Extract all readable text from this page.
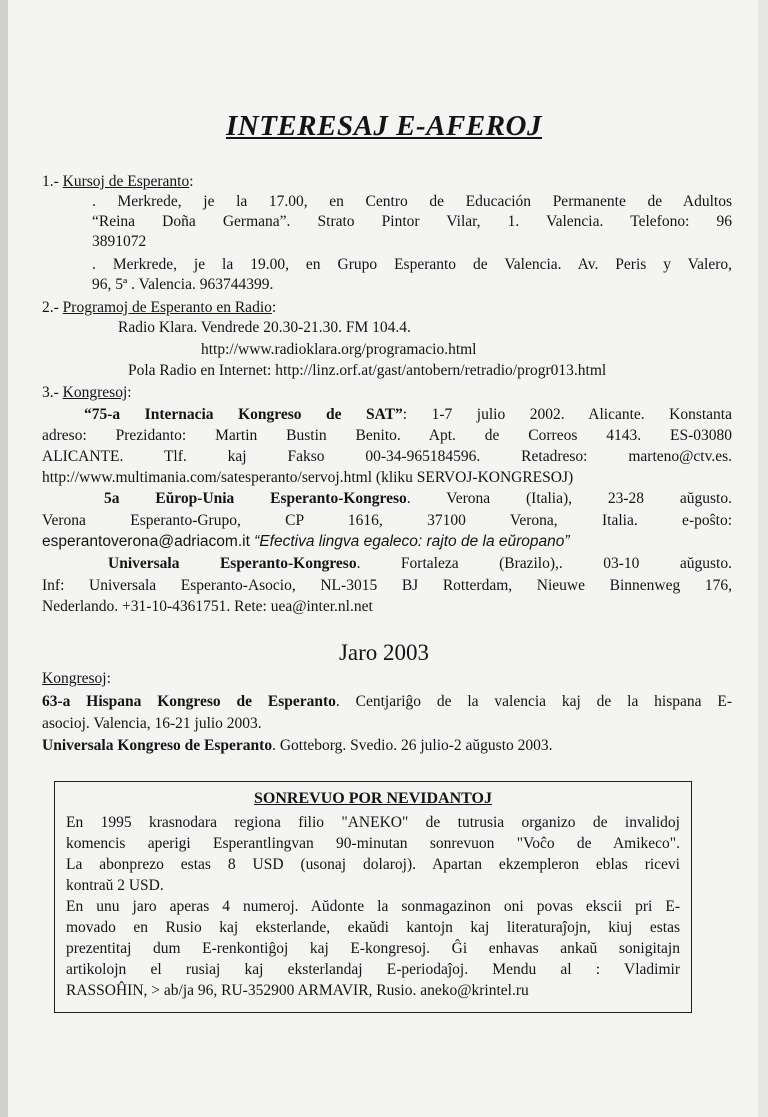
INTERESAJ E-AFEROJ
1.- Kursoj de Esperanto:
. Merkrede, je la 17.00, en Centro de Educación Permanente de Adultos
“Reina Doña Germana”. Strato Pintor Vilar, 1. Valencia. Telefono: 96
3891072
. Merkrede, je la 19.00, en Grupo Esperanto de Valencia. Av. Peris y Valero,
96, 5ª . Valencia. 963744399.
2.- Programoj de Esperanto en Radio:
Radio Klara. Vendrede 20.30-21.30. FM 104.4.
http://www.radioklara.org/programacio.html
Pola Radio en Internet: http://linz.orf.at/gast/antobern/retradio/progr013.html
3.- Kongresoj:
“75-a Internacia Kongreso de SAT”: 1-7 julio 2002. Alicante. Konstanta
adreso: Prezidanto: Martin Bustin Benito. Apt. de Correos 4143. ES-03080
ALICANTE. Tlf. kaj Fakso 00-34-965184596. Retadreso: marteno@ctv.es.
http://www.multimania.com/satesperanto/servoj.html (kliku SERVOJ-KONGRESOJ)
5a Eŭrop-Unia Esperanto-Kongreso. Verona (Italia), 23-28 aŭgusto.
Verona Esperanto-Grupo, CP 1616, 37100 Verona, Italia. e-poŝto:
esperantoverona@adriacom.it “Efectiva lingva egaleco: rajto de la eŭropano”
Universala Esperanto-Kongreso. Fortaleza (Brazilo),. 03-10 aŭgusto.
Inf: Universala Esperanto-Asocio, NL-3015 BJ Rotterdam, Nieuwe Binnenweg 176,
Nederlando. +31-10-4361751. Rete: uea@inter.nl.net
Jaro 2003
Kongresoj:
63-a Hispana Kongreso de Esperanto. Centjariĝo de la valencia kaj de la hispana E-
asocioj. Valencia, 16-21 julio 2003.
Universala Kongreso de Esperanto. Gotteborg. Svedio. 26 julio-2 aŭgusto 2003.
SONREVUO POR NEVIDANTOJ
En 1995 krasnodara regiona filio "ANEKO" de tutrusia organizo de invalidoj
komencis aperigi Esperantlingvan 90-minutan sonrevuon "Voĉo de Amikeco".
La abonprezo estas 8 USD (usonaj dolaroj). Apartan ekzempleron eblas ricevi
kontraŭ 2 USD.
En unu jaro aperas 4 numeroj. Aŭdonte la sonmagazinon oni povas eksciі pri E-
movado en Rusio kaj eksterlande, ekaŭdi kantojn kaj literaturaĵojn, kiuj estas
prezentitaj dum E-renkontiĝoj kaj E-kongresoj. Ĝi enhavas ankaŭ sonigitajn
artikolojn el rusiaj kaj eksterlandaj E-periodaĵoj. Mendu al : Vladimir
RASSOĤIN, > ab/ja 96, RU-352900 ARMAVIR, Rusio. aneko@krintel.ru
